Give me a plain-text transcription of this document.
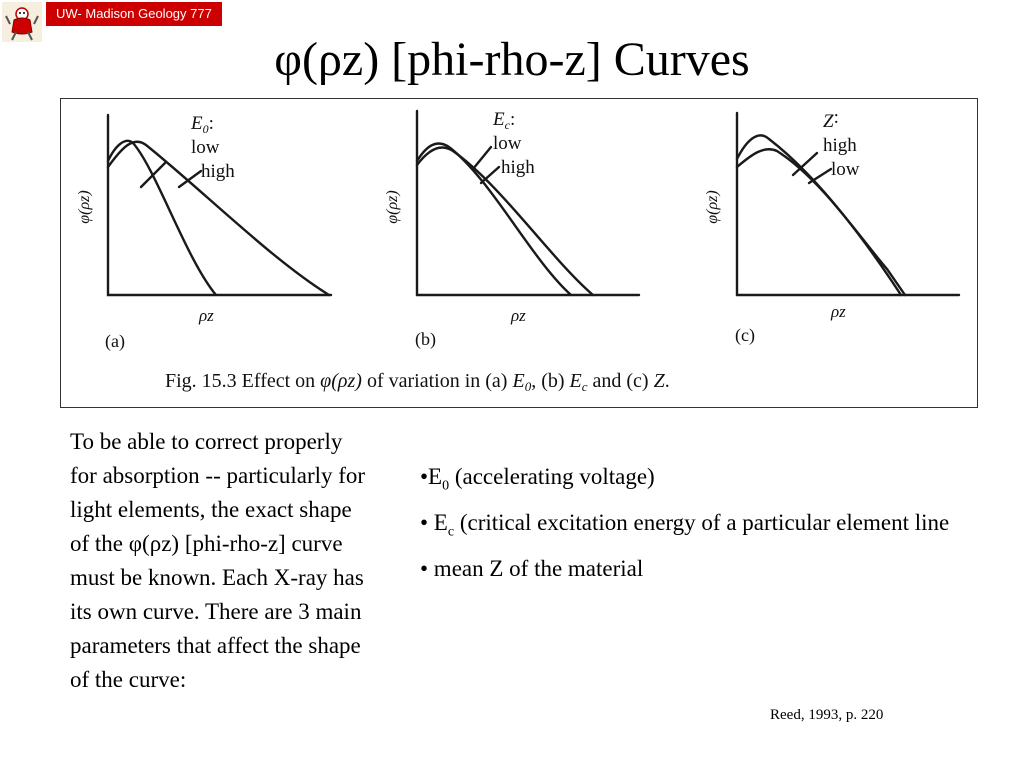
UW- Madison Geology 777
φ(ρz) [phi-rho-z] Curves
φ(ρz)
$E_0$:
low
high
ρz
(a)
φ(ρz)
$E_c$:
low
high
ρz
(b)
φ(ρz)
Z:
high
low
ρz
(c)
Fig. 15.3 Effect on φ(ρz) of variation in (a) $E_0$, (b) $E_c$ and (c) Z.

To be able to correct properly for absorption -- particularly for light elements, the exact shape of the φ(ρz) [phi-rho-z] curve must be known. Each X-ray has its own curve. There are 3 main parameters that affect the shape of the curve:

$•E_0$ (accelerating voltage)
• $E_c$ (critical excitation energy of a particular element line
• mean Z of the material
Reed, 1993, p. 220
